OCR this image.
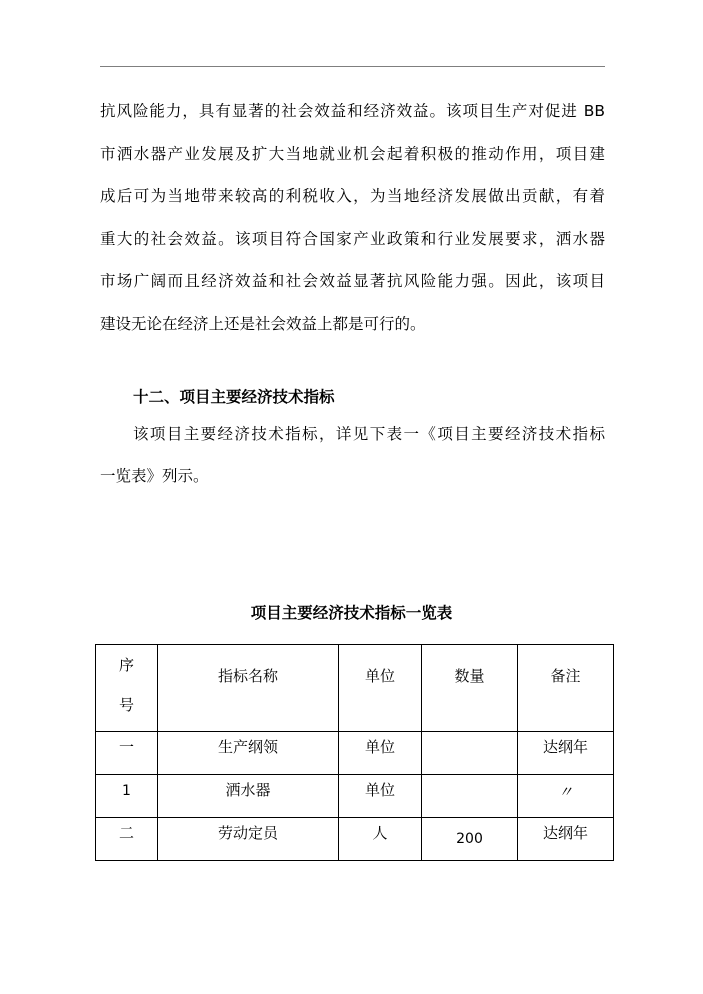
抗风险能力，具有显著的社会效益和经济效益。该项目生产对促进 BB
市洒水器产业发展及扩大当地就业机会起着积极的推动作用，项目建
成后可为当地带来较高的利税收入，为当地经济发展做出贡献，有着
重大的社会效益。该项目符合国家产业政策和行业发展要求，洒水器
市场广阔而且经济效益和社会效益显著抗风险能力强。因此，该项目
建设无论在经济上还是社会效益上都是可行的。
十二、项目主要经济技术指标
该项目主要经济技术指标，详见下表一《项目主要经济技术指标
一览表》列示。
项目主要经济技术指标一览表
序
号	指标名称	单位	数量	备注

一	生产纲领	单位		达纲年

1	洒水器	单位		〃

二	劳动定员	人	200	达纲年
